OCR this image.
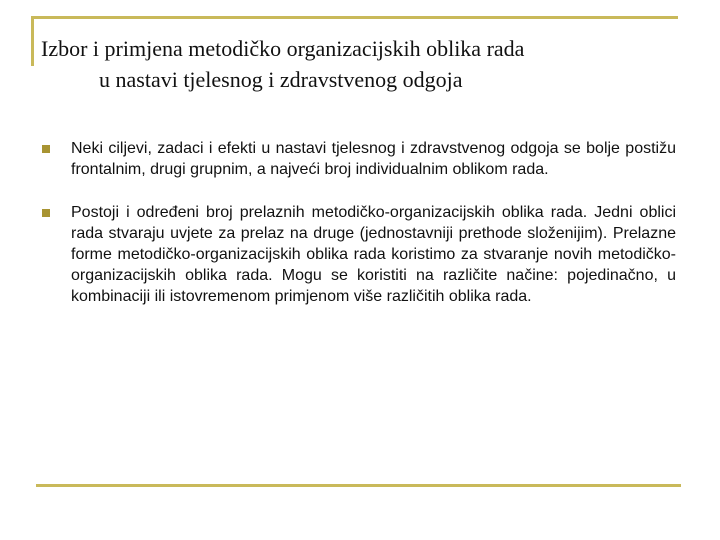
Izbor i primjena metodičko organizacijskih oblika rada
u nastavi tjelesnog i zdravstvenog odgoja
Neki ciljevi, zadaci i efekti u nastavi tjelesnog i zdravstvenog odgoja se bolje postižu frontalnim, drugi grupnim, a najveći broj individualnim oblikom rada.
Postoji i određeni broj prelaznih metodičko-organizacijskih oblika rada. Jedni oblici rada stvaraju uvjete za prelaz na druge (jednostavniji prethode složenijim). Prelazne forme metodičko-organizacijskih oblika rada koristimo za stvaranje novih metodičko-organizacijskih oblika rada. Mogu se koristiti na različite načine: pojedinačno, u kombinaciji ili istovremenom primjenom više različitih oblika rada.
